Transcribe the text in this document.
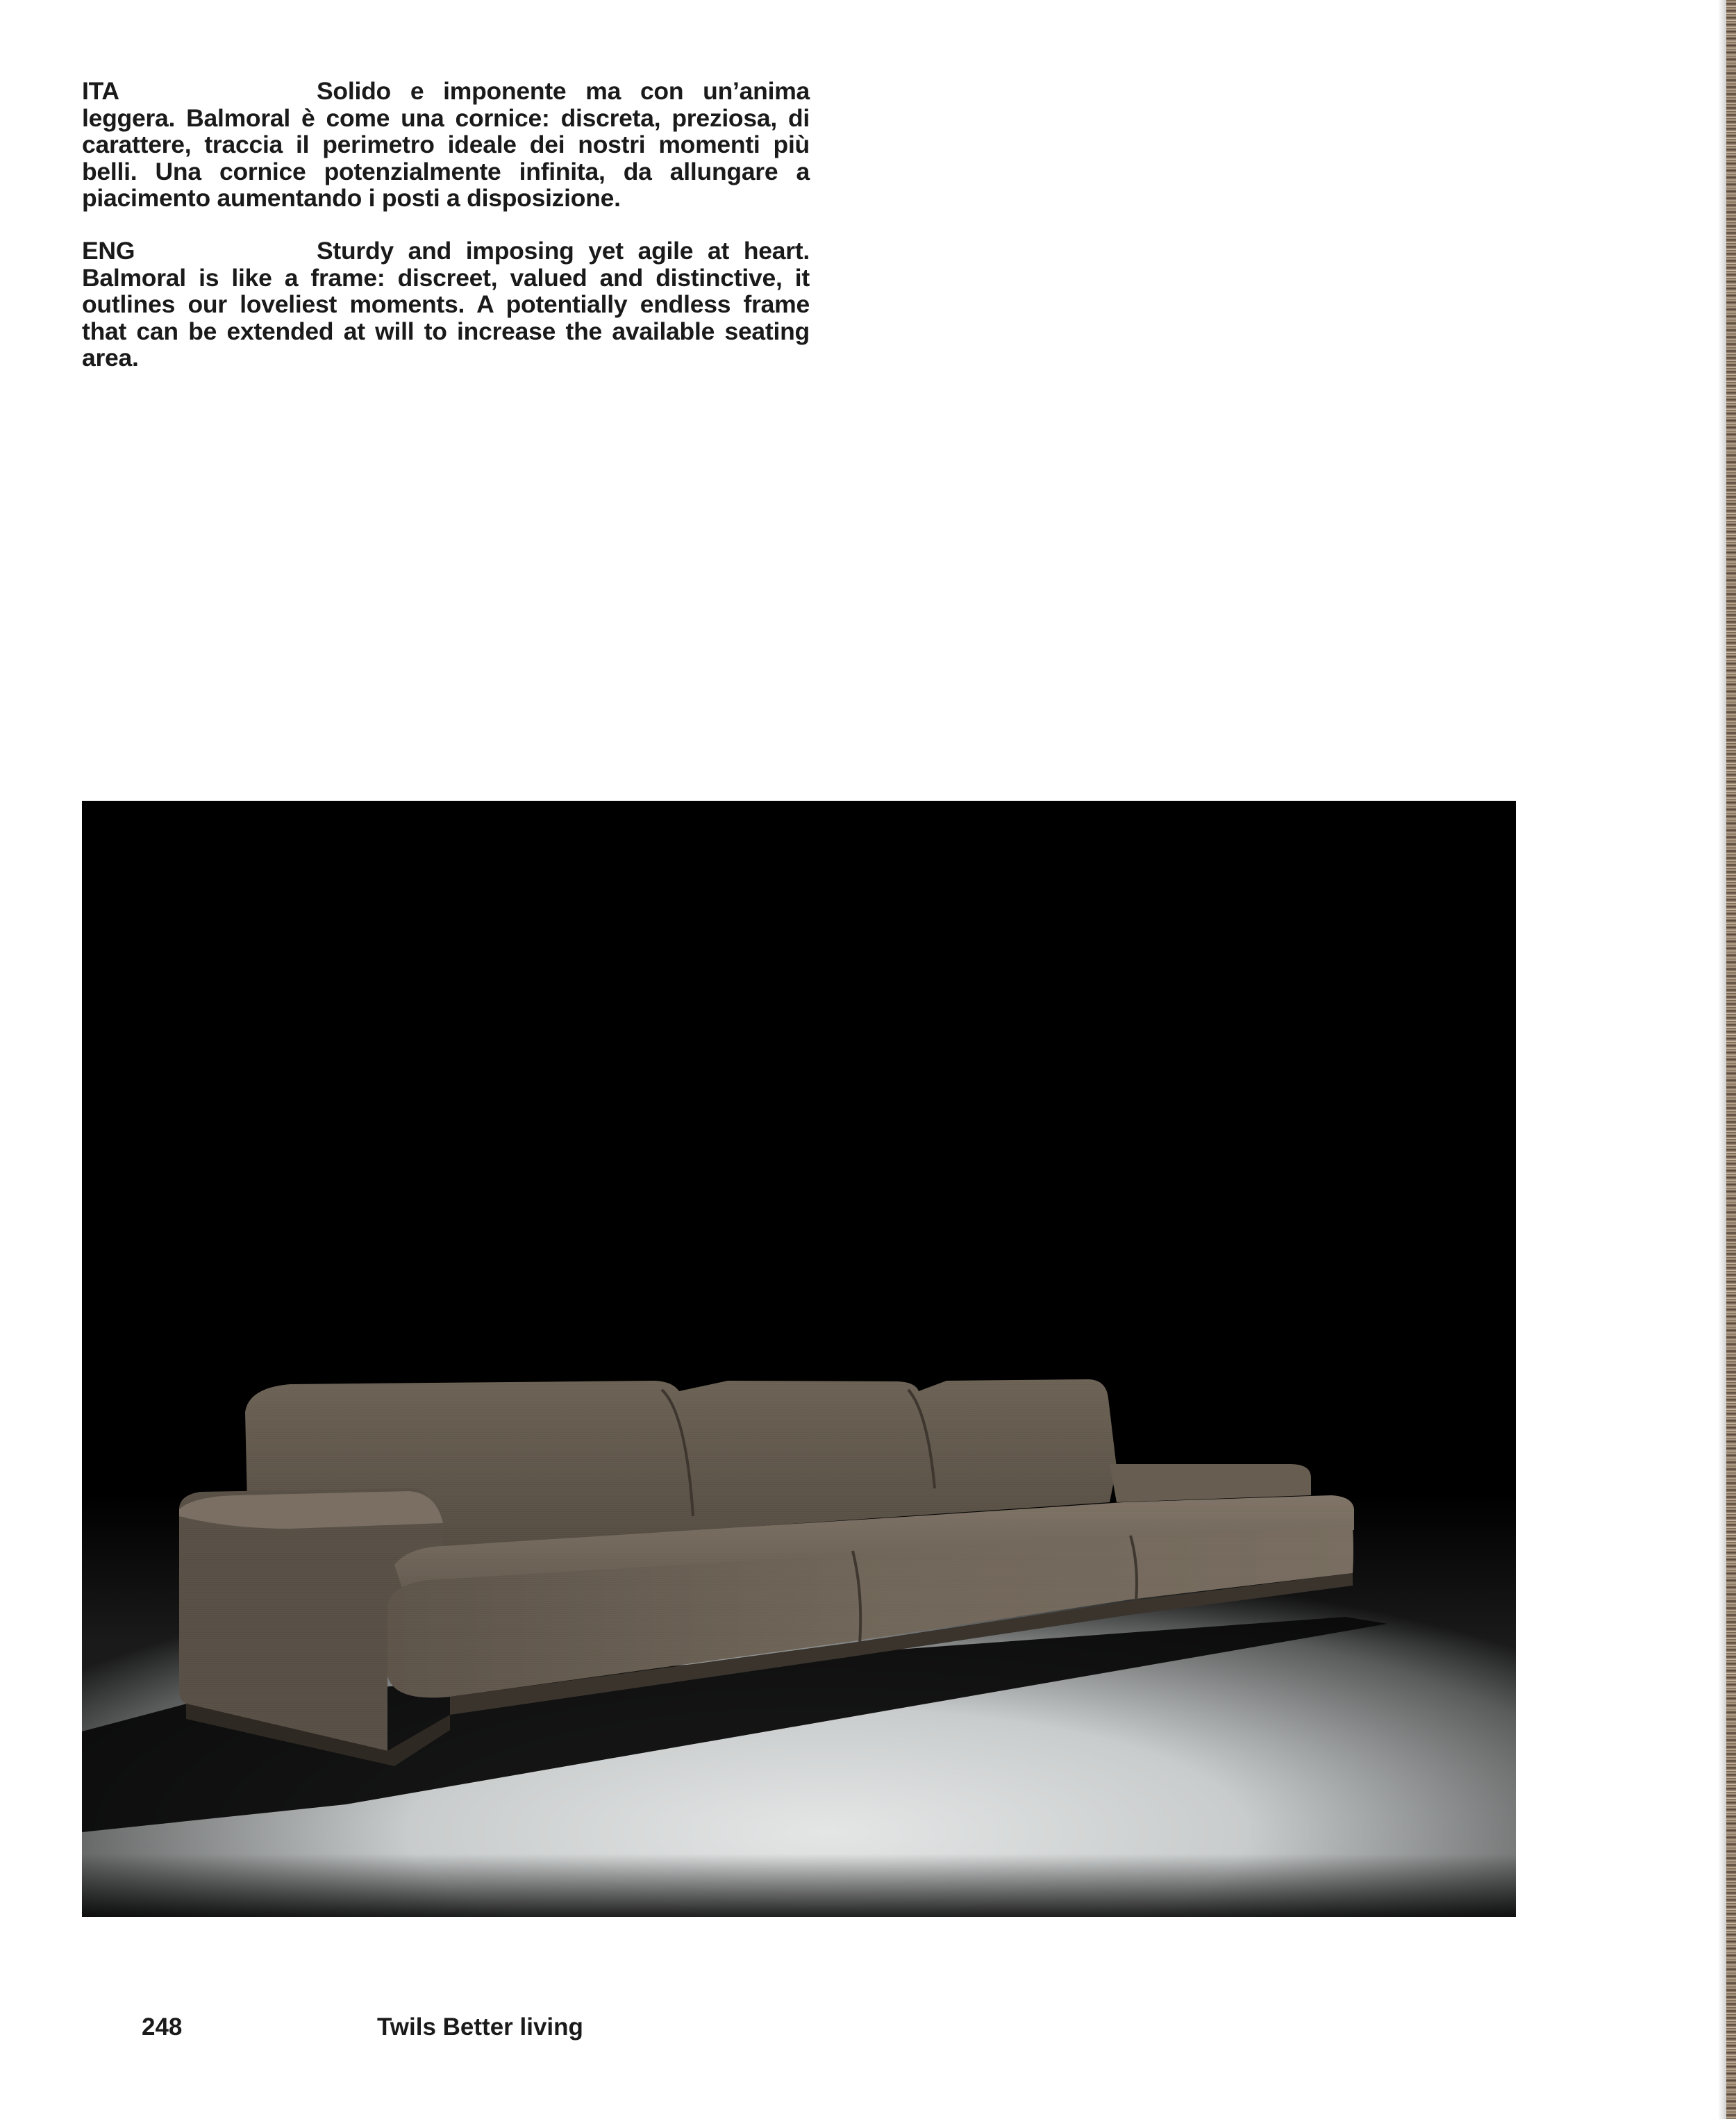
ITA	Solido e imponente ma con un’anima leggera. Balmoral è come una cornice: discreta, preziosa, di carattere, traccia il perimetro ideale dei nostri momenti più belli. Una cornice potenzialmente infinita, da allungare a piacimento aumentando i posti a disposizione.
ENG	Sturdy and imposing yet agile at heart. Balmoral is like a frame: discreet, valued and distinctive, it outlines our loveliest moments. A potentially endless frame that can be extended at will to increase the available seating area.
248	Twils Better living
